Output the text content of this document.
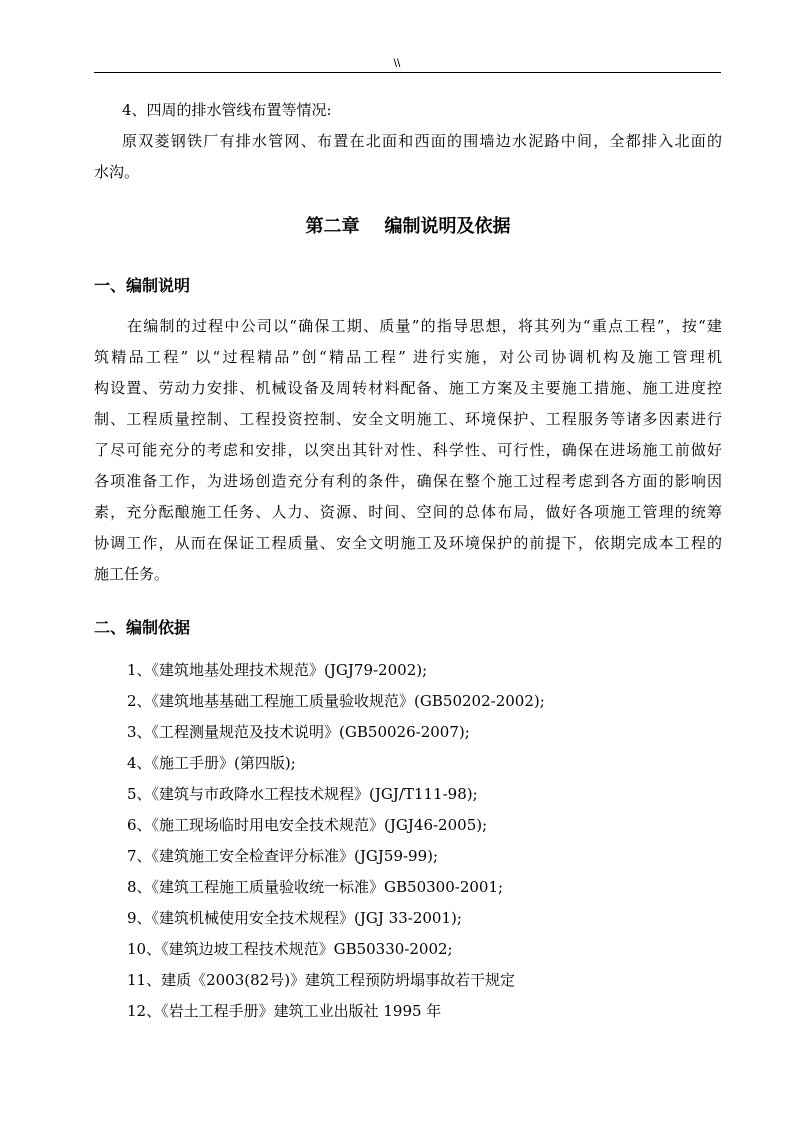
\\
4、四周的排水管线布置等情况:
原双菱钢铁厂有排水管网、布置在北面和西面的围墙边水泥路中间，全都排入北面的
水沟。
第二章    编制说明及依据
一、编制说明
在编制的过程中公司以“确保工期、质量”的指导思想，将其列为“重点工程”，按“建
筑精品工程” 以“过程精品”创“精品工程” 进行实施，对公司协调机构及施工管理机
构设置、劳动力安排、机械设备及周转材料配备、施工方案及主要施工措施、施工进度控
制、工程质量控制、工程投资控制、安全文明施工、环境保护、工程服务等诸多因素进行
了尽可能充分的考虑和安排，以突出其针对性、科学性、可行性，确保在进场施工前做好
各项准备工作，为进场创造充分有利的条件，确保在整个施工过程考虑到各方面的影响因
素，充分酝酿施工任务、人力、资源、时间、空间的总体布局，做好各项施工管理的统筹
协调工作，从而在保证工程质量、安全文明施工及环境保护的前提下，依期完成本工程的
施工任务。
二、编制依据
1、《建筑地基处理技术规范》(JGJ79-2002);
2、《建筑地基基础工程施工质量验收规范》(GB50202-2002);
3、《工程测量规范及技术说明》(GB50026-2007);
4、《施工手册》(第四版);
5、《建筑与市政降水工程技术规程》(JGJ/T111-98);
6、《施工现场临时用电安全技术规范》(JGJ46-2005);
7、《建筑施工安全检查评分标准》(JGJ59-99);
8、《建筑工程施工质量验收统一标准》GB50300-2001;
9、《建筑机械使用安全技术规程》(JGJ 33-2001);
10、《建筑边坡工程技术规范》GB50330-2002;
11、建质《2003(82号)》建筑工程预防坍塌事故若干规定
12、《岩土工程手册》建筑工业出版社 1995 年
